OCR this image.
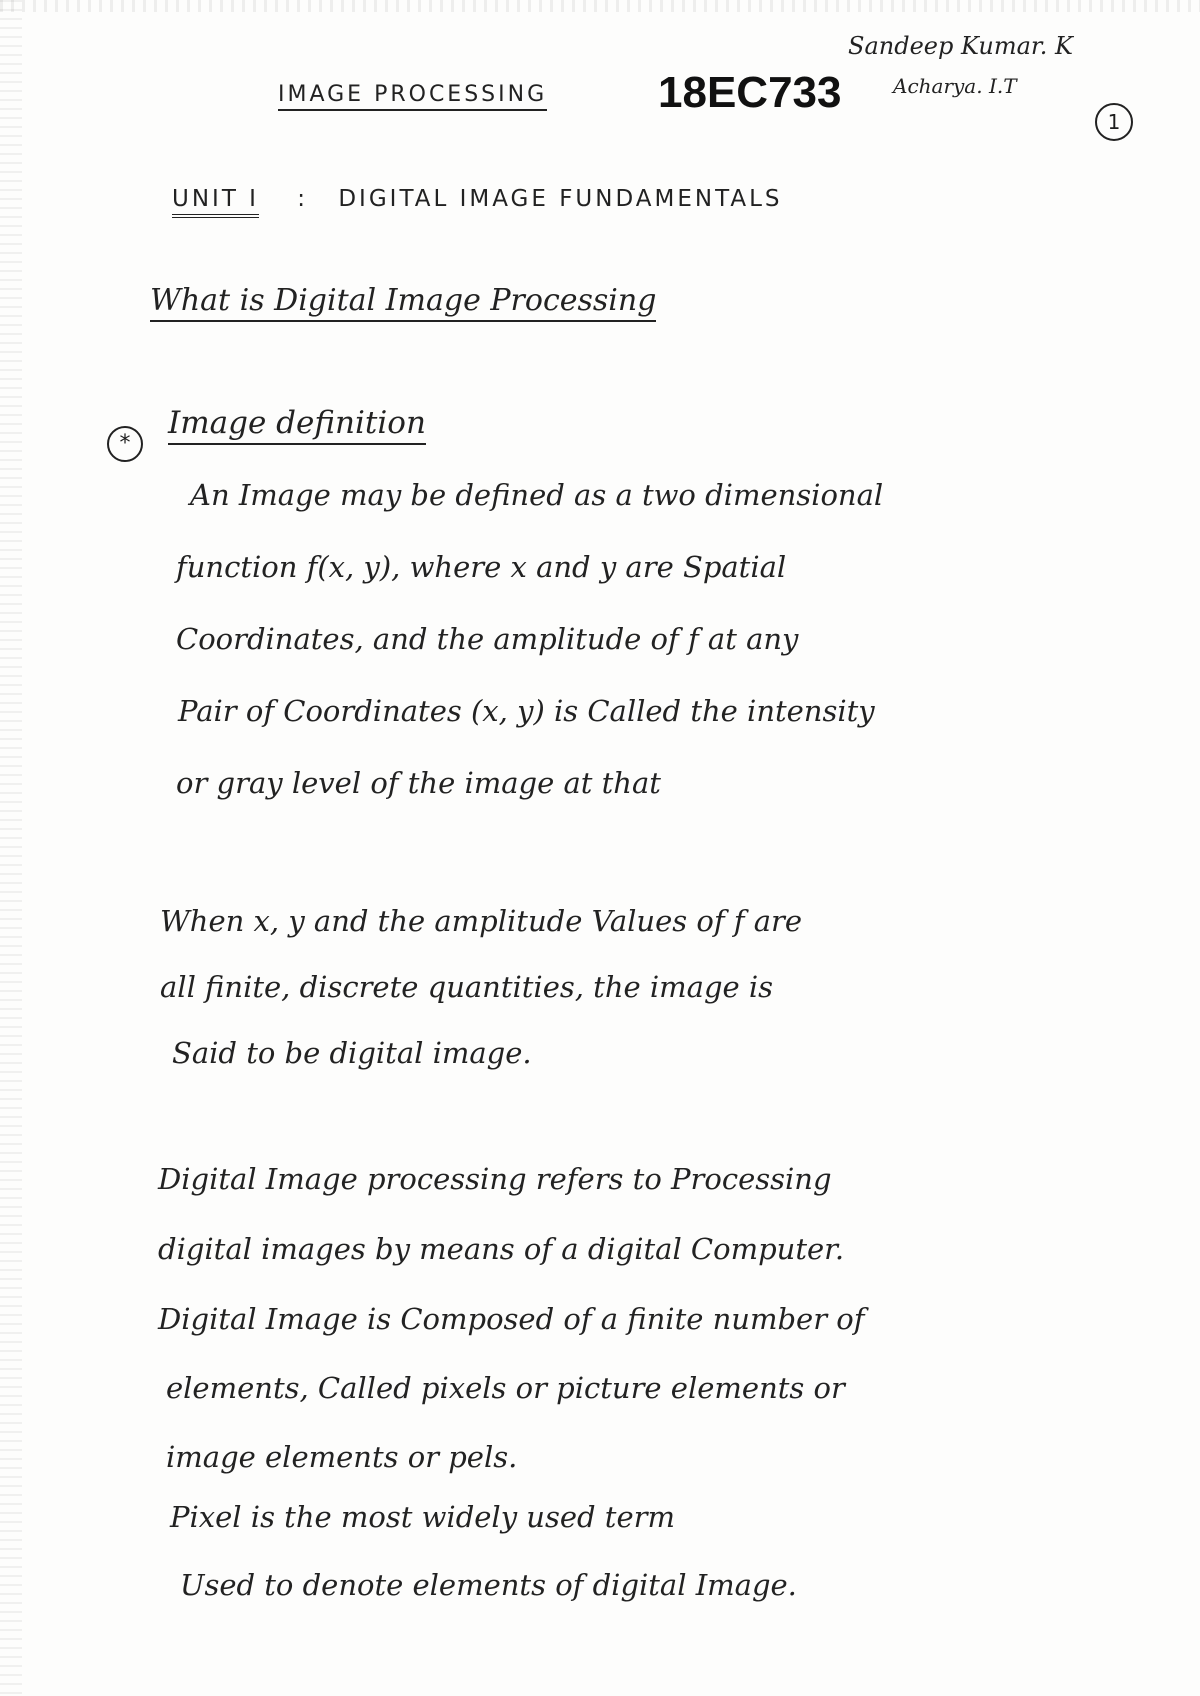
Sandeep Kumar. K
Acharya. I.T
IMAGE PROCESSING	18EC733
1
UNIT I : DIGITAL IMAGE FUNDAMENTALS
What is Digital Image Processing
*
Image definition
An Image may be defined as a two dimensional
function f(x, y), where x and y are Spatial
Coordinates, and the amplitude of f at any
Pair of Coordinates (x, y) is Called the intensity
or gray level of the image at that
When x, y and the amplitude Values of f are
all finite, discrete quantities, the image is
Said to be digital image.
Digital Image processing refers to Processing
digital images by means of a digital Computer.
Digital Image is Composed of a finite number of
elements, Called pixels or picture elements or
image elements or pels.
Pixel is the most widely used term
Used to denote elements of digital Image.
